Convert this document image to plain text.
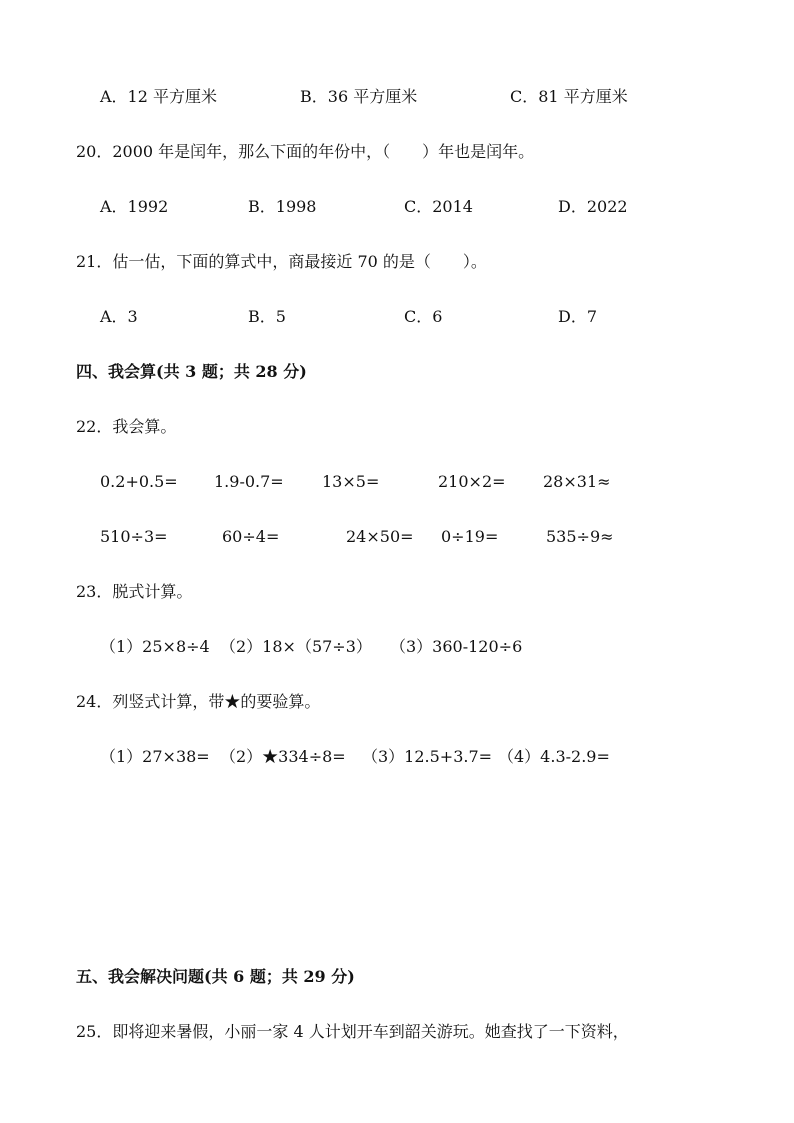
A．12 平方厘米	B．36 平方厘米	C．81 平方厘米
20．2000 年是闰年，那么下面的年份中，（　　）年也是闰年。
A．1992	B．1998	C．2014	D．2022
21．估一估，下面的算式中，商最接近 70 的是（　　）。
A．3	B．5	C．6	D．7
四、我会算(共 3 题；共 28 分)
22．我会算。
0.2+0.5= 1.9-0.7= 13×5=	210×2= 28×31≈
510÷3=	60÷4=	24×50= 0÷19=	535÷9≈
23．脱式计算。
（1）25×8÷4 （2）18×（57÷3） （3）360-120÷6
24．列竖式计算，带★的要验算。
（1）27×38= （2）★334÷8= （3）12.5+3.7= （4）4.3-2.9=
五、我会解决问题(共 6 题；共 29 分)
25．即将迎来暑假，小丽一家 4 人计划开车到韶关游玩。她查找了一下资料，
